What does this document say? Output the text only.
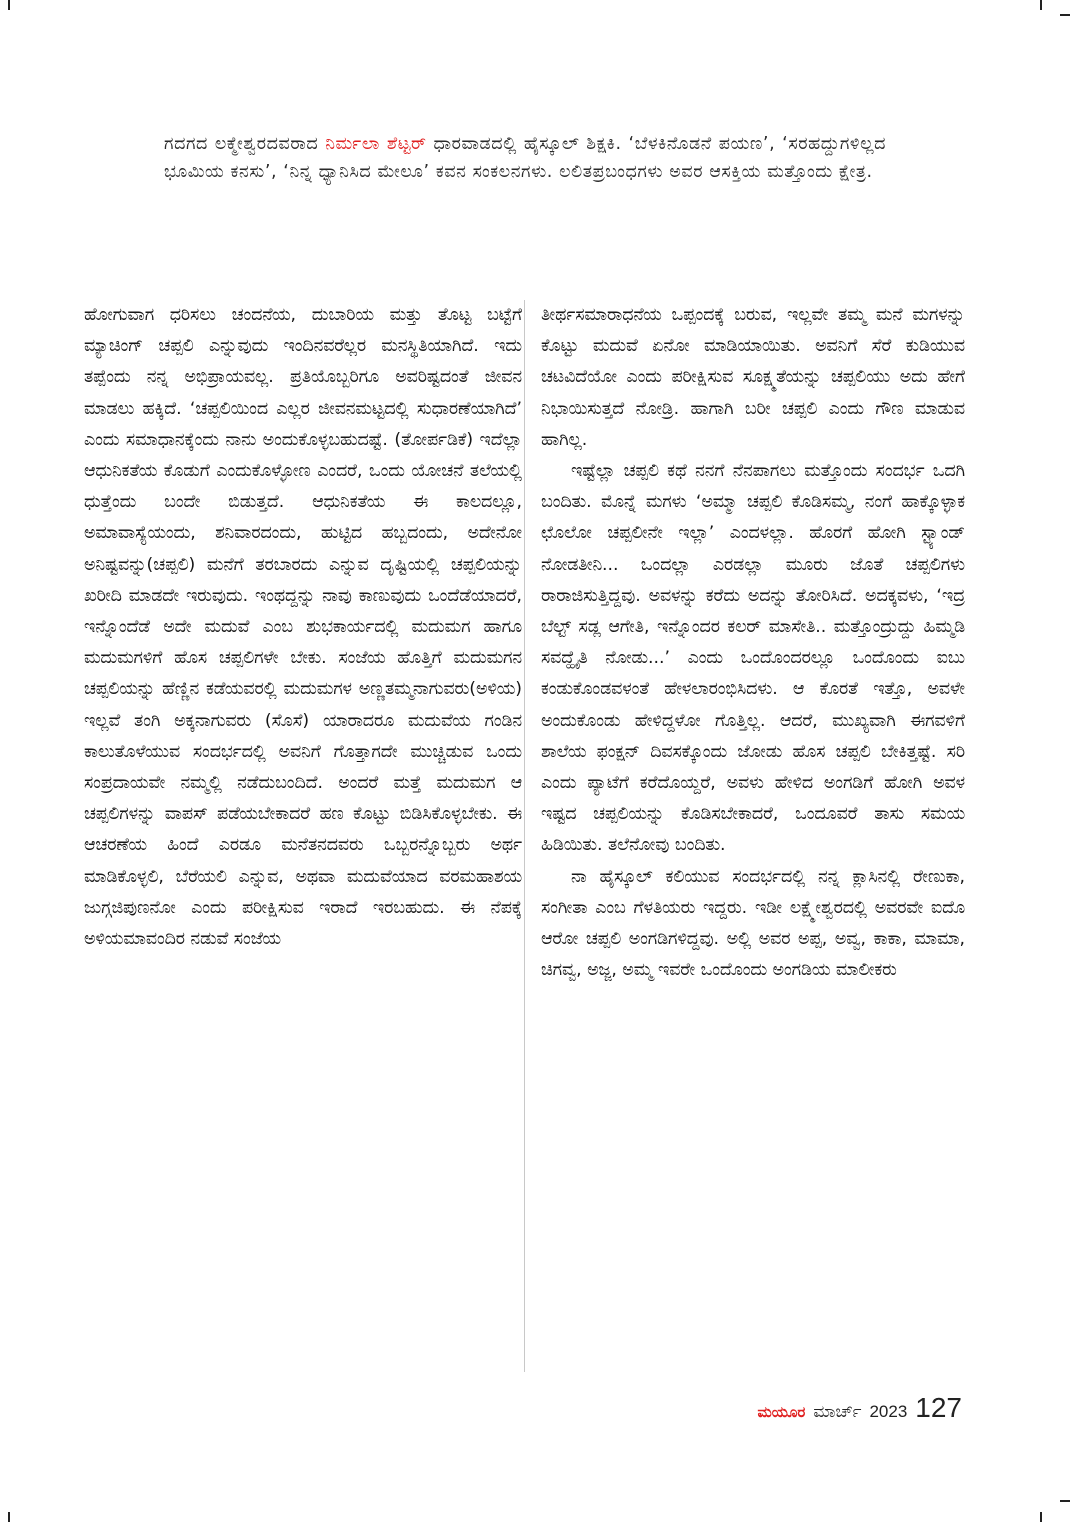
ಗದಗದ ಲಕ್ಮೇಶ್ವರದವರಾದ ನಿರ್ಮಲಾ ಶೆಟ್ಟರ್ ಧಾರವಾಡದಲ್ಲಿ ಹೈಸ್ಕೂಲ್ ಶಿಕ್ಷಕಿ. ‘ಬೆಳಕಿನೊಡನೆ ಪಯಣ’, ‘ಸರಹದ್ದುಗಳಿಲ್ಲದ ಭೂಮಿಯ ಕನಸು’, ‘ನಿನ್ನ ಧ್ಯಾನಿಸಿದ ಮೇಲೂ’ ಕವನ ಸಂಕಲನಗಳು. ಲಲಿತಪ್ರಬಂಧಗಳು ಅವರ ಆಸಕ್ತಿಯ ಮತ್ತೊಂದು ಕ್ಷೇತ್ರ.

ಹೋಗುವಾಗ ಧರಿಸಲು ಚಂದನೆಯ, ದುಬಾರಿಯ ಮತ್ತು ತೊಟ್ಟ ಬಟ್ಟೆಗೆ ಮ್ಯಾಚಿಂಗ್ ಚಪ್ಪಲಿ ಎನ್ನುವುದು ಇಂದಿನವರೆಲ್ಲರ ಮನಸ್ಥಿತಿಯಾಗಿದೆ. ಇದು ತಪ್ಪೆಂದು ನನ್ನ ಅಭಿಪ್ರಾಯವಲ್ಲ. ಪ್ರತಿಯೊಬ್ಬರಿಗೂ ಅವರಿಷ್ಟದಂತೆ ಜೀವನ ಮಾಡಲು ಹಕ್ಕಿದೆ. ‘ಚಪ್ಪಲಿಯಿಂದ ಎಲ್ಲರ ಜೀವನಮಟ್ಟದಲ್ಲಿ ಸುಧಾರಣೆಯಾಗಿದೆ’ ಎಂದು ಸಮಾಧಾನಕ್ಕೆಂದು ನಾನು ಅಂದುಕೊಳ್ಳಬಹುದಷ್ಟೆ. (ತೋರ್ಪಡಿಕೆ) ಇದೆಲ್ಲಾ ಆಧುನಿಕತೆಯ ಕೊಡುಗೆ ಎಂದುಕೊಳ್ಳೋಣ ಎಂದರೆ, ಒಂದು ಯೋಚನೆ ತಲೆಯಲ್ಲಿ ಧುತ್ತೆಂದು ಬಂದೇ ಬಿಡುತ್ತದೆ. ಆಧುನಿಕತೆಯ ಈ ಕಾಲದಲ್ಲೂ, ಅಮಾವಾಸ್ಯೆಯಂದು, ಶನಿವಾರದಂದು, ಹುಟ್ಟಿದ ಹಬ್ಬದಂದು, ಅದೇನೋ ಅನಿಷ್ಟವನ್ನು(ಚಪ್ಪಲಿ) ಮನೆಗೆ ತರಬಾರದು ಎನ್ನುವ ದೃಷ್ಟಿಯಲ್ಲಿ ಚಪ್ಪಲಿಯನ್ನು ಖರೀದಿ ಮಾಡದೇ ಇರುವುದು. ಇಂಥದ್ದನ್ನು ನಾವು ಕಾಣುವುದು ಒಂದೆಡೆಯಾದರೆ, ಇನ್ನೊಂದೆಡೆ ಅದೇ ಮದುವೆ ಎಂಬ ಶುಭಕಾರ್ಯದಲ್ಲಿ ಮದುಮಗ ಹಾಗೂ ಮದುಮಗಳಿಗೆ ಹೊಸ ಚಪ್ಪಲಿಗಳೇ ಬೇಕು. ಸಂಜೆಯ ಹೊತ್ತಿಗೆ ಮದುಮಗನ ಚಪ್ಪಲಿಯನ್ನು ಹೆಣ್ಣಿನ ಕಡೆಯವರಲ್ಲಿ ಮದುಮಗಳ ಅಣ್ಣತಮ್ಮನಾಗುವರು(ಅಳಿಯ) ಇಲ್ಲವೆ ತಂಗಿ ಅಕ್ಕನಾಗುವರು (ಸೊಸೆ) ಯಾರಾದರೂ ಮದುವೆಯ ಗಂಡಿನ ಕಾಲುತೊಳೆಯುವ ಸಂದರ್ಭದಲ್ಲಿ ಅವನಿಗೆ ಗೊತ್ತಾಗದೇ ಮುಚ್ಚಿಡುವ ಒಂದು ಸಂಪ್ರದಾಯವೇ ನಮ್ಮಲ್ಲಿ ನಡೆದುಬಂದಿದೆ. ಅಂದರೆ ಮತ್ತೆ ಮದುಮಗ ಆ ಚಪ್ಪಲಿಗಳನ್ನು ವಾಪಸ್ ಪಡೆಯಬೇಕಾದರೆ ಹಣ ಕೊಟ್ಟು ಬಿಡಿಸಿಕೊಳ್ಳಬೇಕು. ಈ ಆಚರಣೆಯ ಹಿಂದೆ ಎರಡೂ ಮನೆತನದವರು ಒಬ್ಬರನ್ನೊಬ್ಬರು ಅರ್ಥ ಮಾಡಿಕೊಳ್ಳಲಿ, ಬೆರೆಯಲಿ ಎನ್ನುವ, ಅಥವಾ ಮದುವೆಯಾದ ವರಮಹಾಶಯ ಜುಗ್ಗಜಿಪುಣನೋ ಎಂದು ಪರೀಕ್ಷಿಸುವ ಇರಾದೆ ಇರಬಹುದು. ಈ ನೆಪಕ್ಕೆ ಅಳಿಯಮಾವಂದಿರ ನಡುವೆ ಸಂಜೆಯ

ತೀರ್ಥಸಮಾರಾಧನೆಯ ಒಪ್ಪಂದಕ್ಕೆ ಬರುವ, ಇಲ್ಲವೇ ತಮ್ಮ ಮನೆ ಮಗಳನ್ನು ಕೊಟ್ಟು ಮದುವೆ ಏನೋ ಮಾಡಿಯಾಯಿತು. ಅವನಿಗೆ ಸೆರೆ ಕುಡಿಯುವ ಚಟವಿದೆಯೋ ಎಂದು ಪರೀಕ್ಷಿಸುವ ಸೂಕ್ಷ್ಮತೆಯನ್ನು ಚಪ್ಪಲಿಯು ಅದು ಹೇಗೆ ನಿಭಾಯಿಸುತ್ತದೆ ನೋಡ್ರಿ. ಹಾಗಾಗಿ ಬರೀ ಚಪ್ಪಲಿ ಎಂದು ಗೌಣ ಮಾಡುವ ಹಾಗಿಲ್ಲ.

ಇಷ್ಟೆಲ್ಲಾ ಚಪ್ಪಲಿ ಕಥೆ ನನಗೆ ನೆನಪಾಗಲು ಮತ್ತೊಂದು ಸಂದರ್ಭ ಒದಗಿ ಬಂದಿತು. ಮೊನ್ನೆ ಮಗಳು ‘ಅಮ್ಮಾ ಚಪ್ಪಲಿ ಕೊಡಿಸಮ್ಮ, ನಂಗೆ ಹಾಕ್ಕೊಳ್ಳಾಕ ಛೊಲೋ ಚಪ್ಪಲೀನೇ ಇಲ್ಲಾ’ ಎಂದಳಲ್ಲಾ. ಹೊರಗೆ ಹೋಗಿ ಸ್ಟ್ಯಾಂಡ್ ನೋಡತೀನಿ... ಒಂದಲ್ಲಾ ಎರಡಲ್ಲಾ ಮೂರು ಜೊತೆ ಚಪ್ಪಲಿಗಳು ರಾರಾಜಿಸುತ್ತಿದ್ದವು. ಅವಳನ್ನು ಕರೆದು ಅದನ್ನು ತೋರಿಸಿದೆ. ಅದಕ್ಕವಳು, ‘ಇದ್ರ ಬೆಲ್ಟ್ ಸಡ್ಲ ಆಗೇತಿ, ಇನ್ನೊಂದರ ಕಲರ್ ಮಾಸೇತಿ.. ಮತ್ತೊಂದ್ರುದ್ದು ಹಿಮ್ಮಡಿ ಸವದ್ಹೈತಿ ನೋಡು...’ ಎಂದು ಒಂದೊಂದರಲ್ಲೂ ಒಂದೊಂದು ಐಬು ಕಂಡುಕೊಂಡವಳಂತೆ ಹೇಳಲಾರಂಭಿಸಿದಳು. ಆ ಕೊರತೆ ಇತ್ತೊ, ಅವಳೇ ಅಂದುಕೊಂಡು ಹೇಳಿದ್ದಳೋ ಗೊತ್ತಿಲ್ಲ. ಆದರೆ, ಮುಖ್ಯವಾಗಿ ಈಗವಳಿಗೆ ಶಾಲೆಯ ಫಂಕ್ಷನ್ ದಿವಸಕ್ಕೊಂದು ಜೋಡು ಹೊಸ ಚಪ್ಪಲಿ ಬೇಕಿತ್ತಷ್ಟೆ. ಸರಿ ಎಂದು ಪ್ಯಾಟೆಗೆ ಕರೆದೊಯ್ದರೆ, ಅವಳು ಹೇಳಿದ ಅಂಗಡಿಗೆ ಹೋಗಿ ಅವಳ ಇಷ್ಟದ ಚಪ್ಪಲಿಯನ್ನು ಕೊಡಿಸಬೇಕಾದರೆ, ಒಂದೂವರೆ ತಾಸು ಸಮಯ ಹಿಡಿಯಿತು. ತಲೆನೋವು ಬಂದಿತು.

ನಾ ಹೈಸ್ಕೂಲ್ ಕಲಿಯುವ ಸಂದರ್ಭದಲ್ಲಿ ನನ್ನ ಕ್ಲಾಸಿನಲ್ಲಿ ರೇಣುಕಾ, ಸಂಗೀತಾ ಎಂಬ ಗೆಳತಿಯರು ಇದ್ದರು. ಇಡೀ ಲಕ್ಷ್ಮೇಶ್ವರದಲ್ಲಿ ಅವರವೇ ಐದೊ ಆರೋ ಚಪ್ಪಲಿ ಅಂಗಡಿಗಳಿದ್ದವು. ಅಲ್ಲಿ ಅವರ ಅಪ್ಪ, ಅವ್ವ, ಕಾಕಾ, ಮಾಮಾ, ಚಿಗವ್ವ, ಅಜ್ಜ, ಅಮ್ಮ ಇವರೇ ಒಂದೊಂದು ಅಂಗಡಿಯ ಮಾಲೀಕರು

ಮಯೂರ ಮಾರ್ಚ್ 2023 127
